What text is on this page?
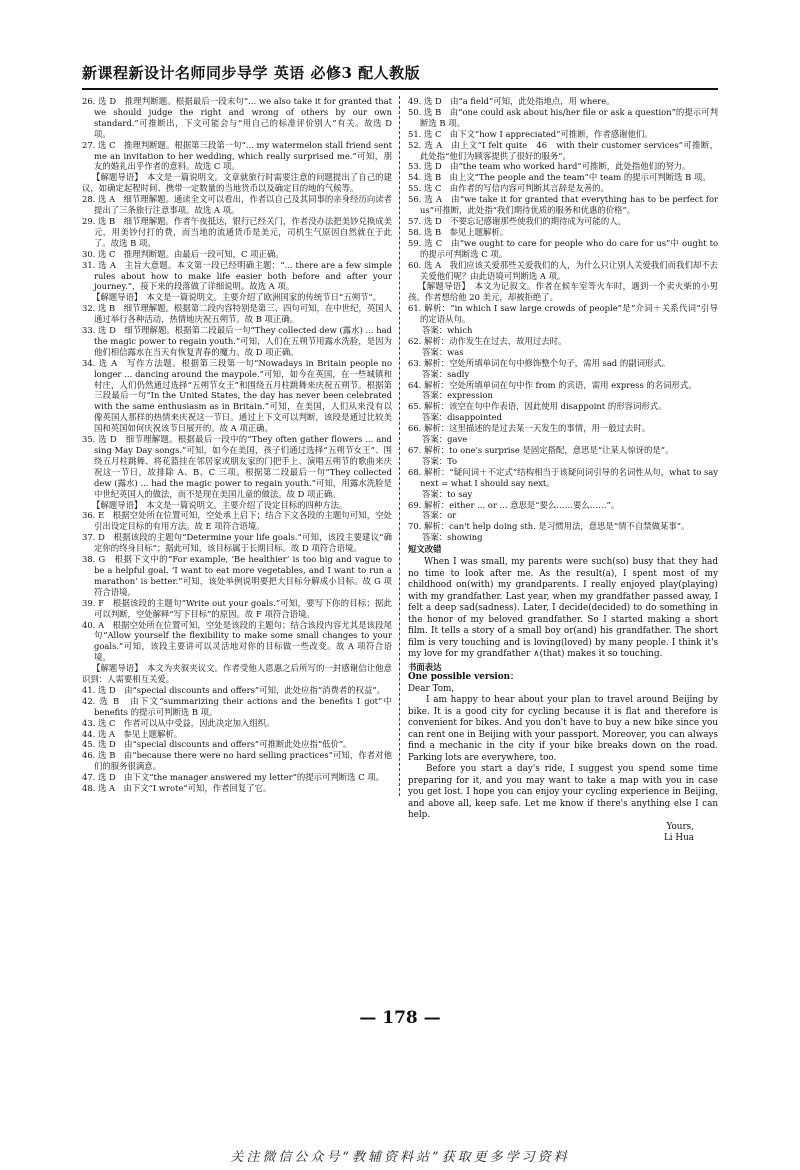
新课程新设计名师同步导学 英语 必修3 配人教版

26. 选 D　推理判断题。根据最后一段末句“... we also take it for granted that we should judge the right and wrong of others by our own standard.”可推断出，下文可能会与“用自己的标准评价别人”有关。故选 D 项。

27. 选 C　推理判断题。根据第三段第一句“... my watermelon stall friend sent me an invitation to her wedding, which really surprised me.”可知，朋友的婚礼出乎作者的意料。故选 C 项。

【解题导语】　本文是一篇说明文。文章就旅行时需要注意的问题提出了自己的建议，如确定起程时间、携带一定数量的当地货币以及确定目的地的气候等。

28. 选 A　细节理解题。通读全文可以看出，作者以自己及其同事的亲身经历向读者提出了三条旅行注意事项。故选 A 项。

29. 选 B　细节理解题。作者午夜抵达，银行已经关门，作者没办法把美钞兑换成美元，用美钞付打的费，而当地的流通货币是美元，司机生气原因自然就在于此了。故选 B 项。

30. 选 C　推理判断题。由最后一段可知，C 项正确。

31. 选 A　主旨大意题。本文第一段已经明确主题：“... there are a few simple rules about how to make life easier both before and after your journey.”，接下来的段落做了详细说明。故选 A 项。

【解题导语】　本文是一篇说明文。主要介绍了欧洲国家的传统节日“五朔节”。

32. 选 B　细节理解题。根据第二段内容特别是第三、四句可知，在中世纪，英国人通过举行各种活动，热情地庆祝五朔节。故 B 项正确。

33. 选 D　细节理解题。根据第二段最后一句“They collected dew (露水) ... had the magic power to regain youth.”可知，人们在五朔节用露水洗脸，是因为他们相信露水在当天有恢复青春的魔力。故 D 项正确。

34. 选 A　写作方法题。根据第三段第一句“Nowadays in Britain people no longer ... dancing around the maypole.”可知，如今在英国，在一些城镇和村庄，人们仍然通过选择“五朔节女王”和围绕五月柱跳舞来庆祝五朔节。根据第三段最后一句“In the United States, the day has never been celebrated with the same enthusiasm as in Britain.”可知，在美国，人们从来没有以像英国人那样的热情来庆祝这一节日。通过上下文可以判断，该段是通过比较美国和英国如何庆祝该节日展开的。故 A 项正确。

35. 选 D　细节理解题。根据最后一段中的“They often gather flowers ... and sing May Day songs.”可知，如今在美国，孩子们通过选择“五朔节女王”、围绕五月柱跳舞、将花篮挂在邻居家或朋友家的门把手上、演唱五朔节的歌曲来庆祝这一节日，故排除 A、B、C 三项。根据第二段最后一句“They collected dew (露水) ... had the magic power to regain youth.”可知，用露水洗脸是中世纪英国人的做法，而不是现在美国儿童的做法。故 D 项正确。

【解题导语】　本文是一篇说明文。主要介绍了设定目标的四种方法。

36. E　根据空处所在位置可知，空处承上启下；结合下文各段的主题句可知，空处引出设定目标的有用方法。故 E 项符合语境。

37. D　根据该段的主题句“Determine your life goals.”可知，该段主要建议“确定你的终身目标”；据此可知，该目标属于长期目标。故 D 项符合语境。

38. G　根据下文中的“For example, ‘Be healthier’ is too big and vague to be a helpful goal. ‘I want to eat more vegetables, and I want to run a marathon’ is better.”可知，该处举例说明要把大目标分解成小目标。故 G 项符合语境。

39. F　根据该段的主题句“Write out your goals.”可知，要写下你的目标；据此可以判断，空处解释“写下目标”的原因。故 F 项符合语境。

40. A　根据空处所在位置可知，空处是该段的主题句；结合该段内容尤其是该段尾句“Allow yourself the flexibility to make some small changes to your goals.”可知，该段主要讲可以灵活地对你的目标做一些改变。故 A 项符合语境。

【解题导语】　本文为夹叙夹议文。作者受他人恩惠之后所写的一封感谢信让他意识到：人需要相互关爱。

41. 选 D　由“special discounts and offers”可知，此处应指“消费者的权益”。

42. 选 B　由下文“summarizing their actions and the benefits I got”中 benefits 的提示可判断选 B 项。

43. 选 C　作者可以从中受益，因此决定加入组织。

44. 选 A　参见上题解析。

45. 选 D　由“special discounts and offers”可推断此处应指“低价”。

46. 选 B　由“because there were no hard selling practices”可知，作者对他们的服务很满意。

47. 选 D　由下文“the manager answered my letter”的提示可判断选 C 项。

48. 选 A　由下文“I wrote”可知，作者回复了它。

49. 选 D　由“a field”可知，此处指地点，用 where。

50. 选 B　由“one could ask about his/her file or ask a question”的提示可判断选 B 项。

51. 选 C　由下文“how I appreciated”可推断，作者感谢他们。

52. 选 A　由上文“I felt quite　46　with their customer services”可推断，此处指“他们为顾客提供了很好的服务”。

53. 选 D　由“the team who worked hard”可推断，此处指他们的努力。

54. 选 B　由上文“The people and the team”中 team 的提示可判断选 B 项。

55. 选 C　由作者的写信内容可判断其言辞是友善的。

56. 选 A　由“we take it for granted that everything has to be perfect for us”可推断，此处指“我们期待优质的服务和优惠的价格”。

57. 选 D　不要忘记感谢那些使我们的期待成为可能的人。

58. 选 B　参见上题解析。

59. 选 C　由“we ought to care for people who do care for us”中 ought to 的提示可判断选 C 项。

60. 选 A　我们应该关爱那些关爱我们的人，为什么只让别人关爱我们而我们却不去关爱他们呢？由此语境可判断选 A 项。

【解题导语】　本文为记叙文。作者在候车室等火车时，遇到一个卖火柴的小男孩。作者想给他 20 美元，却被拒绝了。

61. 解析：“in which I saw large crowds of people”是“介词＋关系代词”引导的定语从句。

答案：which

62. 解析：动作发生在过去，故用过去时。

答案：was

63. 解析：空处所填单词在句中修饰整个句子，需用 sad 的副词形式。

答案：sadly

64. 解析：空处所填单词在句中作 from 的宾语，需用 express 的名词形式。

答案：expression

65. 解析：该空在句中作表语，因此使用 disappoint 的形容词形式。

答案：disappointed

66. 解析：这里描述的是过去某一天发生的事情，用一般过去时。

答案：gave

67. 解析：to one's surprise 是固定搭配，意思是“让某人惊讶的是”。

答案：To

68. 解析：“疑问词＋不定式”结构相当于该疑问词引导的名词性从句，what to say next = what I should say next。

答案：to say

69. 解析：either ... or ... 意思是“要么……要么……”。

答案：or

70. 解析：can't help doing sth. 是习惯用法，意思是“情不自禁做某事”。

答案：showing

短文改错

When I was small, my parents were such(so) busy that they had no time to look after me. As the result(a), I spent most of my childhood on(with) my grandparents. I really enjoyed play(playing) with my grandfather. Last year, when my grandfather passed away, I felt a deep sad(sadness). Later, I decide(decided) to do something in the honor of my beloved grandfather. So I started making a short film. It tells a story of a small boy or(and) his grandfather. The short film is very touching and is loving(loved) by many people. I think it's my love for my grandfather ∧(that) makes it so touching.

书面表达

One possible version：
Dear Tom,

I am happy to hear about your plan to travel around Beijing by bike. It is a good city for cycling because it is flat and therefore is convenient for bikes. And you don't have to buy a new bike since you can rent one in Beijing with your passport. Moreover, you can always find a mechanic in the city if your bike breaks down on the road. Parking lots are everywhere, too.

Before you start a day's ride, I suggest you spend some time preparing for it, and you may want to take a map with you in case you get lost. I hope you can enjoy your cycling experience in Beijing, and above all, keep safe. Let me know if there's anything else I can help.

Yours,
Li Hua
— 178 —
关注微信公众号“教辅资料站”获取更多学习资料
